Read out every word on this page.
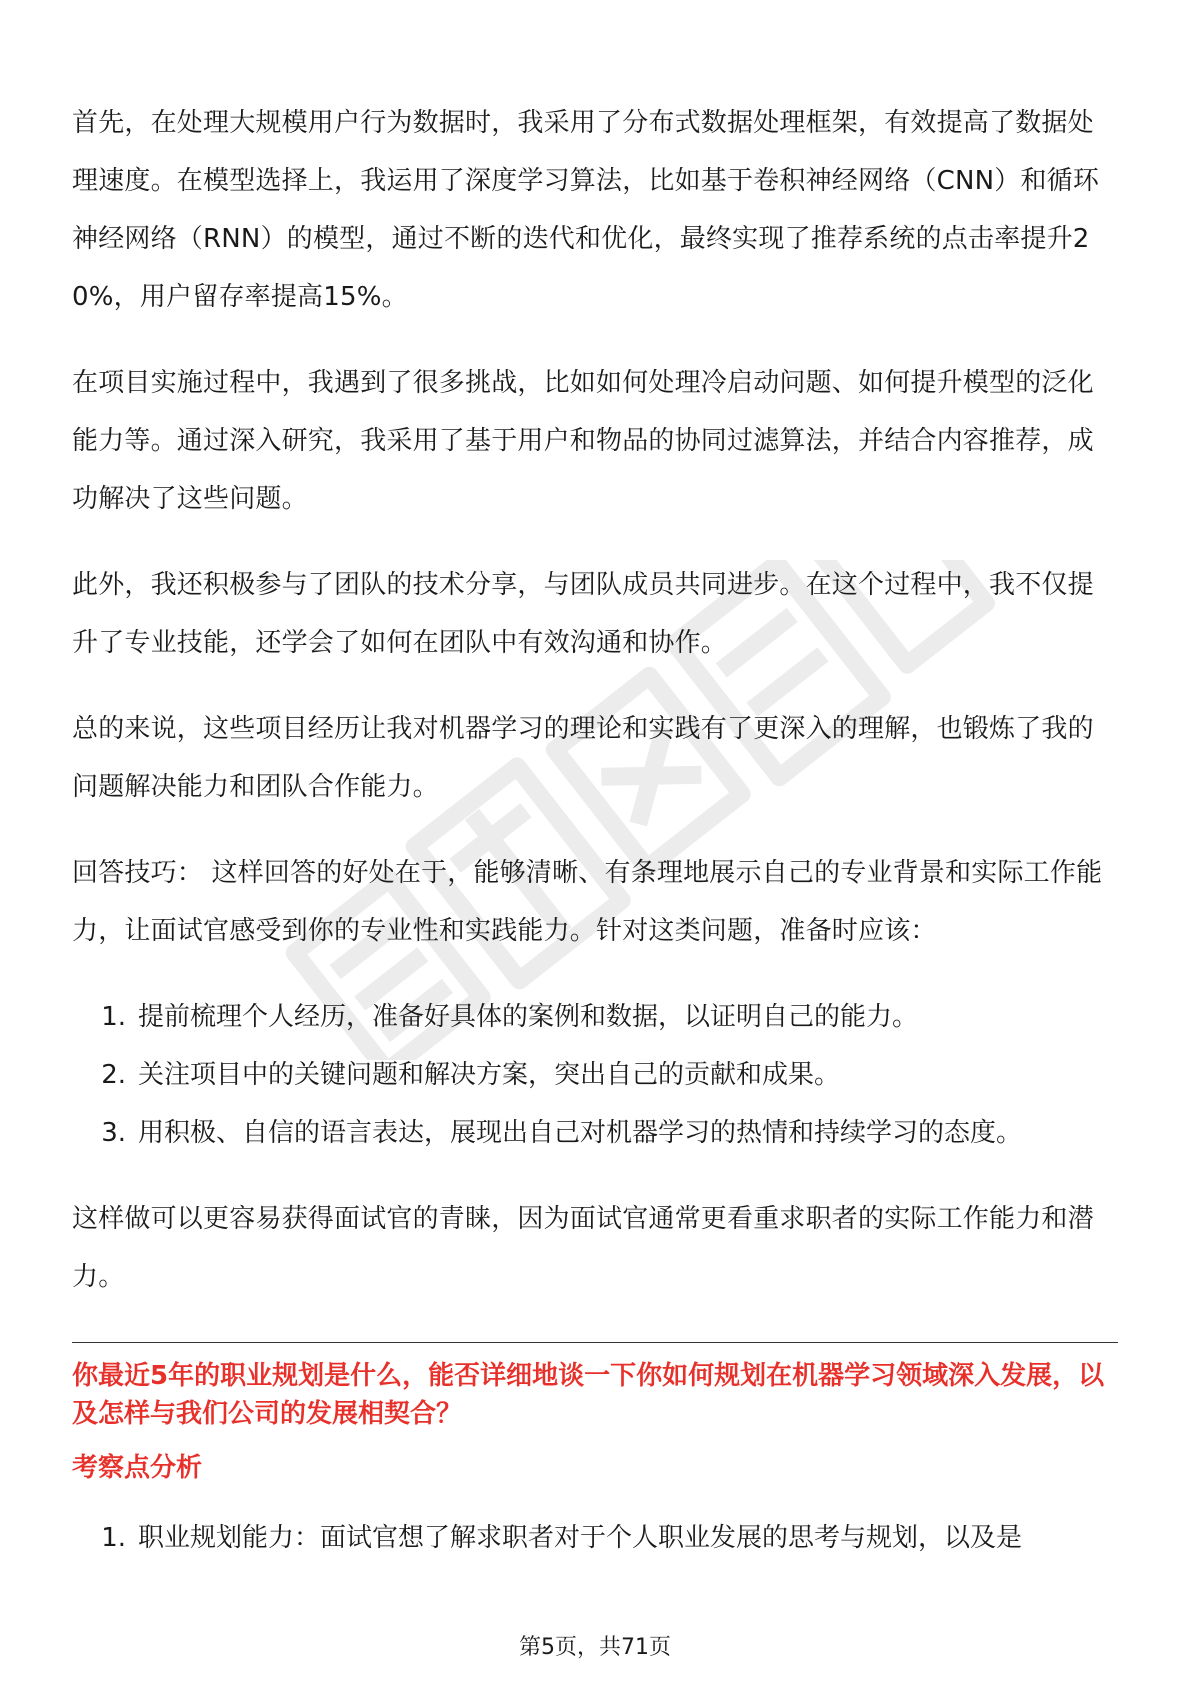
首先，在处理大规模用户行为数据时，我采用了分布式数据处理框架，有效提高了数据处理速度。在模型选择上，我运用了深度学习算法，比如基于卷积神经网络（CNN）和循环神经网络（RNN）的模型，通过不断的迭代和优化，最终实现了推荐系统的点击率提升20%，用户留存率提高15%。

在项目实施过程中，我遇到了很多挑战，比如如何处理冷启动问题、如何提升模型的泛化能力等。通过深入研究，我采用了基于用户和物品的协同过滤算法，并结合内容推荐，成功解决了这些问题。

此外，我还积极参与了团队的技术分享，与团队成员共同进步。在这个过程中，我不仅提升了专业技能，还学会了如何在团队中有效沟通和协作。

总的来说，这些项目经历让我对机器学习的理论和实践有了更深入的理解，也锻炼了我的问题解决能力和团队合作能力。

回答技巧： 这样回答的好处在于，能够清晰、有条理地展示自己的专业背景和实际工作能力，让面试官感受到你的专业性和实践能力。针对这类问题，准备时应该：

1. 提前梳理个人经历，准备好具体的案例和数据，以证明自己的能力。
2. 关注项目中的关键问题和解决方案，突出自己的贡献和成果。
3. 用积极、自信的语言表达，展现出自己对机器学习的热情和持续学习的态度。

这样做可以更容易获得面试官的青睐，因为面试官通常更看重求职者的实际工作能力和潜力。

你最近5年的职业规划是什么，能否详细地谈一下你如何规划在机器学习领域深入发展，以及怎样与我们公司的发展相契合？

考察点分析

1. 职业规划能力：面试官想了解求职者对于个人职业发展的思考与规划，以及是
第5页，共71页
